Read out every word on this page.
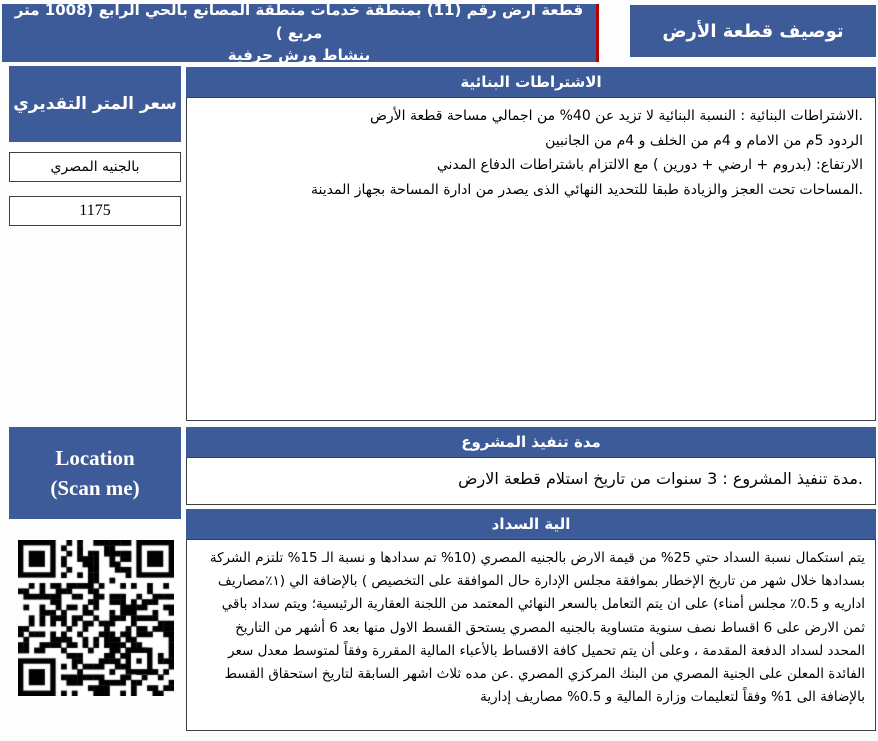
توصيف قطعة الأرض
قطعة أرض رقم (11) بمنطقة خدمات منطقة المصانع بالحي الرابع (1008 متر مربع )
بنشاط ورش حرفية
سعر المتر التقديري
بالجنيه المصري
1175
Location
(Scan me)
الاشتراطات البنائية
.الاشتراطات البنائية : النسبة البنائية لا تزيد عن 40% من اجمالي مساحة قطعة الأرض
الردود 5م من الامام و 4م من الخلف و 4م من الجانبين
الارتفاع: (بدروم + ارضي + دورين ) مع الالتزام باشتراطات الدفاع المدني
.المساحات تحت العجز والزيادة طبقا للتحديد النهائي الذى يصدر من ادارة المساحة بجهاز المدينة
مدة تنفيذ المشروع
.مدة تنفيذ المشروع : 3 سنوات من تاريخ استلام قطعة الارض
الية السداد

يتم استكمال نسبة السداد حتي 25% من قيمة الارض بالجنيه المصري (10% تم سدادها و نسبة الـ 15% تلتزم الشركة بسدادها خلال شهر من تاريخ الإخطار بموافقة مجلس الإدارة حال الموافقة على التخصيص ) بالإضافة الي (١٪مصاريف اداريه و 0.5٪ مجلس أمناء) على ان يتم التعامل بالسعر النهائي المعتمد من اللجنة العقارية الرئيسية؛ ويتم سداد باقي ثمن الارض على 6 اقساط نصف سنوية متساوية بالجنيه المصري يستحق القسط الاول منها بعد 6 أشهر من التاريخ المحدد لسداد الدفعة المقدمة ، وعلى أن يتم تحميل كافة الاقساط بالأعباء المالية المقررة وفقاً لمتوسط معدل سعر الفائدة المعلن على الجنية المصري من البنك المركزي المصري .عن مده ثلاث اشهر السابقة لتاريخ استحقاق القسط بالإضافة الى 1% وفقاً لتعليمات وزارة المالية و 0.5% مصاريف إدارية
